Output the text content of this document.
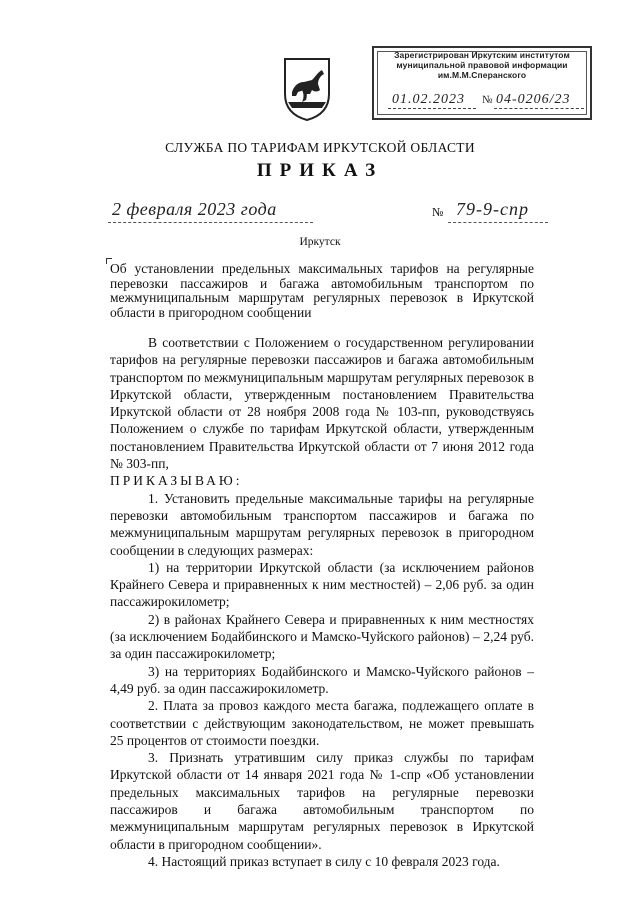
Зарегистрирован Иркутским институтом
муниципальной правовой информации
им.М.М.Сперанского
01.02.2023 № 04-0206/23
СЛУЖБА ПО ТАРИФАМ ИРКУТСКОЙ ОБЛАСТИ
ПРИКАЗ
2 февраля 2023 года	№ 79-9-спр
Иркутск
Об установлении предельных максимальных тарифов на регулярные перевозки пассажиров и багажа автомобильным транспортом по межмуниципальным маршрутам регулярных перевозок в Иркутской области в пригородном сообщении

В соответствии с Положением о государственном регулировании тарифов на регулярные перевозки пассажиров и багажа автомобильным транспортом по межмуниципальным маршрутам регулярных перевозок в Иркутской области, утвержденным постановлением Правительства Иркутской области от 28 ноября 2008 года № 103-пп, руководствуясь Положением о службе по тарифам Иркутской области, утвержденным постановлением Правительства Иркутской области от 7 июня 2012 года № 303-пп,

ПРИКАЗЫВАЮ:

1. Установить предельные максимальные тарифы на регулярные перевозки автомобильным транспортом пассажиров и багажа по межмуниципальным маршрутам регулярных перевозок в пригородном сообщении в следующих размерах:

1) на территории Иркутской области (за исключением районов Крайнего Севера и приравненных к ним местностей) – 2,06 руб. за один пассажирокилометр;

2) в районах Крайнего Севера и приравненных к ним местностях (за исключением Бодайбинского и Мамско-Чуйского районов) – 2,24 руб. за один пассажирокилометр;

3) на территориях Бодайбинского и Мамско-Чуйского районов – 4,49 руб. за один пассажирокилометр.

2. Плата за провоз каждого места багажа, подлежащего оплате в соответствии с действующим законодательством, не может превышать 25 процентов от стоимости поездки.

3. Признать утратившим силу приказ службы по тарифам Иркутской области от 14 января 2021 года № 1-спр «Об установлении предельных максимальных тарифов на регулярные перевозки пассажиров и багажа автомобильным транспортом по межмуниципальным маршрутам регулярных перевозок в Иркутской области в пригородном сообщении».

4. Настоящий приказ вступает в силу с 10 февраля 2023 года.
